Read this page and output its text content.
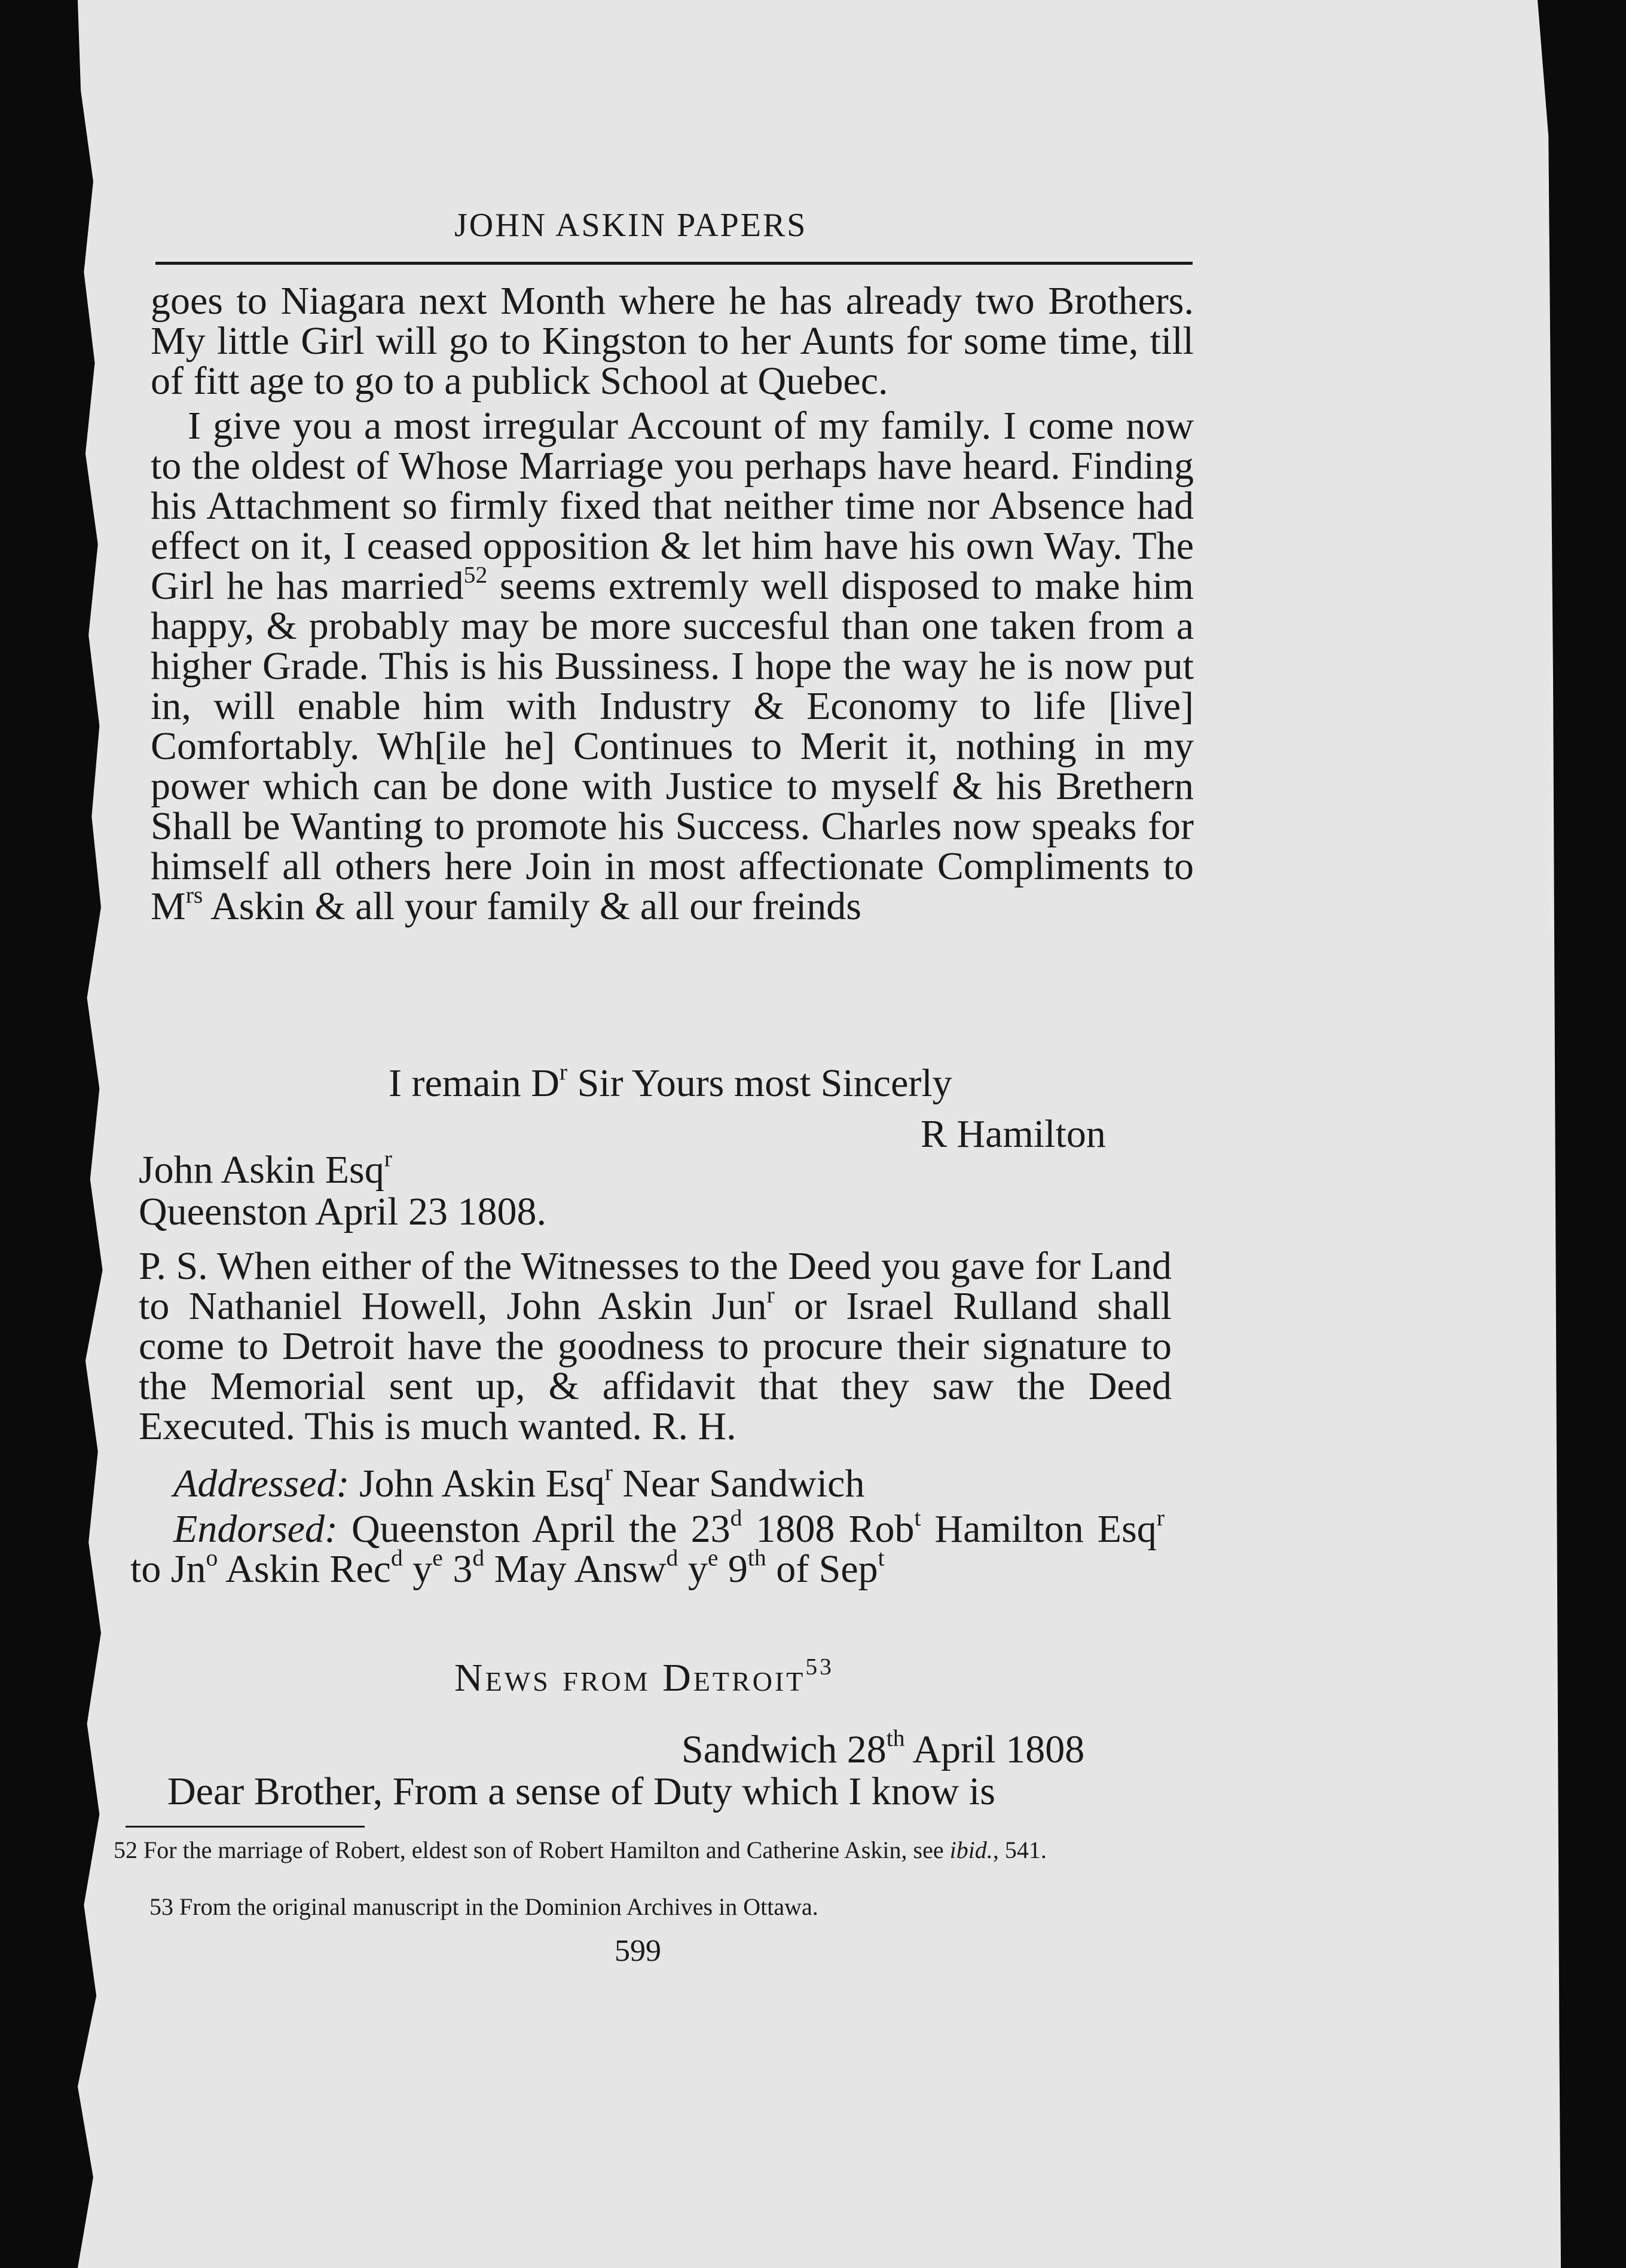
JOHN ASKIN PAPERS

goes to Niagara next Month where he has already two Brothers. My little Girl will go to Kingston to her Aunts for some time, till of fitt age to go to a publick School at Quebec.

I give you a most irregular Account of my family. I come now to the oldest of Whose Marriage you perhaps have heard. Finding his Attachment so firmly fixed that neither time nor Absence had effect on it, I ceased opposition & let him have his own Way. The Girl he has married$^{52}$ seems extremly well disposed to make him happy, & probably may be more succesful than one taken from a higher Grade. This is his Bussiness. I hope the way he is now put in, will enable him with Industry & Economy to life [live] Comfortably. Wh[ile he] Continues to Merit it, nothing in my power which can be done with Justice to myself & his Brethern Shall be Wanting to promote his Success. Charles now speaks for himself all others here Join in most affectionate Compliments to $M^{rs}$ Askin & all your family & all our freinds

I remain $D^r$ Sir Yours most Sincerly
R Hamilton
John Askin Esq$^r$
Queenston April 23 1808.

P. S. When either of the Witnesses to the Deed you gave for Land to Nathaniel Howell, John Askin Jun$^r$ or Israel Rulland shall come to Detroit have the goodness to procure their signature to the Memorial sent up, & affidavit that they saw the Deed Executed. This is much wanted. R. H.

Addressed: John Askin Esq$^r$ Near Sandwich

Endorsed: Queenston April the 23$^d$ 1808 Rob$^t$ Hamilton Esq$^r$ to Jn$^o$ Askin Rec$^d$ $y^e$ 3$^d$ May Answ$^d$ $y^e$ 9th of Sep$^t$

News from Detroit$^{53}$
Sandwich 28th April 1808
Dear Brother, From a sense of Duty which I know is
52 For the marriage of Robert, eldest son of Robert Hamilton and Catherine Askin, see ibid., 541.
53 From the original manuscript in the Dominion Archives in Ottawa.
599
